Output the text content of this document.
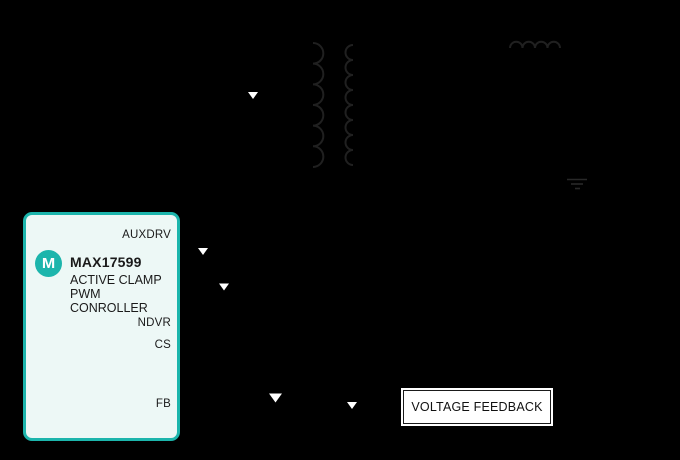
AUXDRV
NDVR
CS
FB
M MAX17599
ACTIVE CLAMP
PWM CONROLLER
VOLTAGE FEEDBACK
